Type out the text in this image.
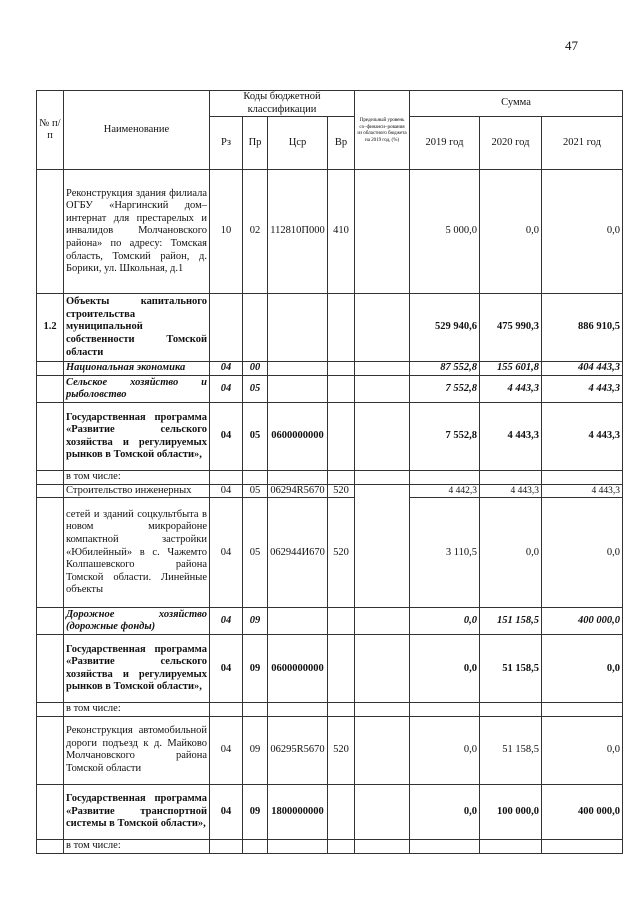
47
№ п/п	Наименование	Коды бюджетной классификации				Предельный уровень со–финанси–рования из областного бюджета на 2019 год, (%)	Сумма		
		Рз	Пр	Цср	Вр		2019 год	2020 год	2021 год
	Реконструкция здания филиала ОГБУ «Наргинский дом–интернат для престарелых и инвалидов Молчановского района» по адресу: Томская область, Томский район, д. Борики, ул. Школьная, д.1	10	02	112810П000	410		5 000,0	0,0	0,0
1.2	Объекты капитального строительства муниципальной собственности Томской области						529 940,6	475 990,3	886 910,5
	Национальная экономика	04	00				87 552,8	155 601,8	404 443,3
	Сельское хозяйство и рыболовство	04	05				7 552,8	4 443,3	4 443,3
	Государственная программа «Развитие сельского хозяйства и регулируемых рынков в Томской области»,	04	05	0600000000			7 552,8	4 443,3	4 443,3
	в том числе:								
	Строительство инженерных	04	05	06294R5670	520		4 442,3	4 443,3	4 443,3
	сетей и зданий соцкультбыта в новом микрорайоне компактной застройки «Юбилейный» в с. Чажемто Колпашевского района Томской области. Линейные объекты	04	05	062944И670	520		3 110,5	0,0	0,0
	Дорожное хозяйство (дорожные фонды)	04	09				0,0	151 158,5	400 000,0
	Государственная программа «Развитие сельского хозяйства и регулируемых рынков в Томской области»,	04	09	0600000000			0,0	51 158,5	0,0
	в том числе:								
	Реконструкция автомобильной дороги подъезд к д. Майково Молчановского района Томской области	04	09	06295R5670	520		0,0	51 158,5	0,0
	Государственная программа «Развитие транспортной системы в Томской области»,	04	09	1800000000			0,0	100 000,0	400 000,0
	в том числе:								
